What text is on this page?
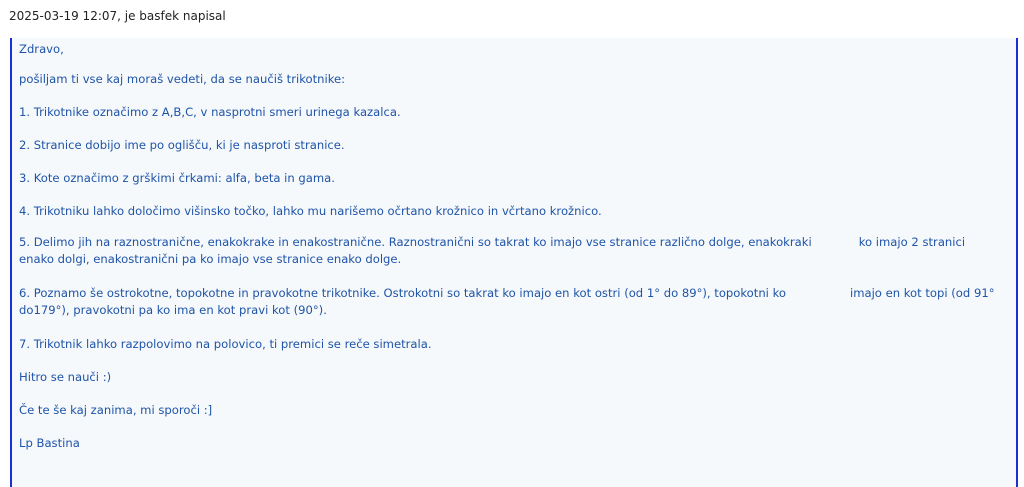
2025-03-19 12:07, je basfek napisal

Zdravo,

pošiljam ti vse kaj moraš vedeti, da se naučiš trikotnike:

1. Trikotnike označimo z A,B,C, v nasprotni smeri urinega kazalca.

2. Stranice dobijo ime po oglišču, ki je nasproti stranice.

3. Kote označimo z grškimi črkami: alfa, beta in gama.

4. Trikotniku lahko določimo višinsko točko, lahko mu narišemo očrtano krožnico in včrtano krožnico.

5. Delimo jih na raznostranične, enakokrake in enakostranične. Raznostranični so takrat ko imajo vse stranice različno dolge, enakokraki	ko imajo 2 stranici enako dolgi, enakostranični pa ko imajo vse stranice enako dolge.

6. Poznamo še ostrokotne, topokotne in pravokotne trikotnike. Ostrokotni so takrat ko imajo en kot ostri (od 1° do 89°), topokotni ko	imajo en kot topi (od 91° do179°), pravokotni pa ko ima en kot pravi kot (90°).

7. Trikotnik lahko razpolovimo na polovico, ti premici se reče simetrala.

Hitro se nauči :)

Če te še kaj zanima, mi sporoči :]

Lp Bastina
